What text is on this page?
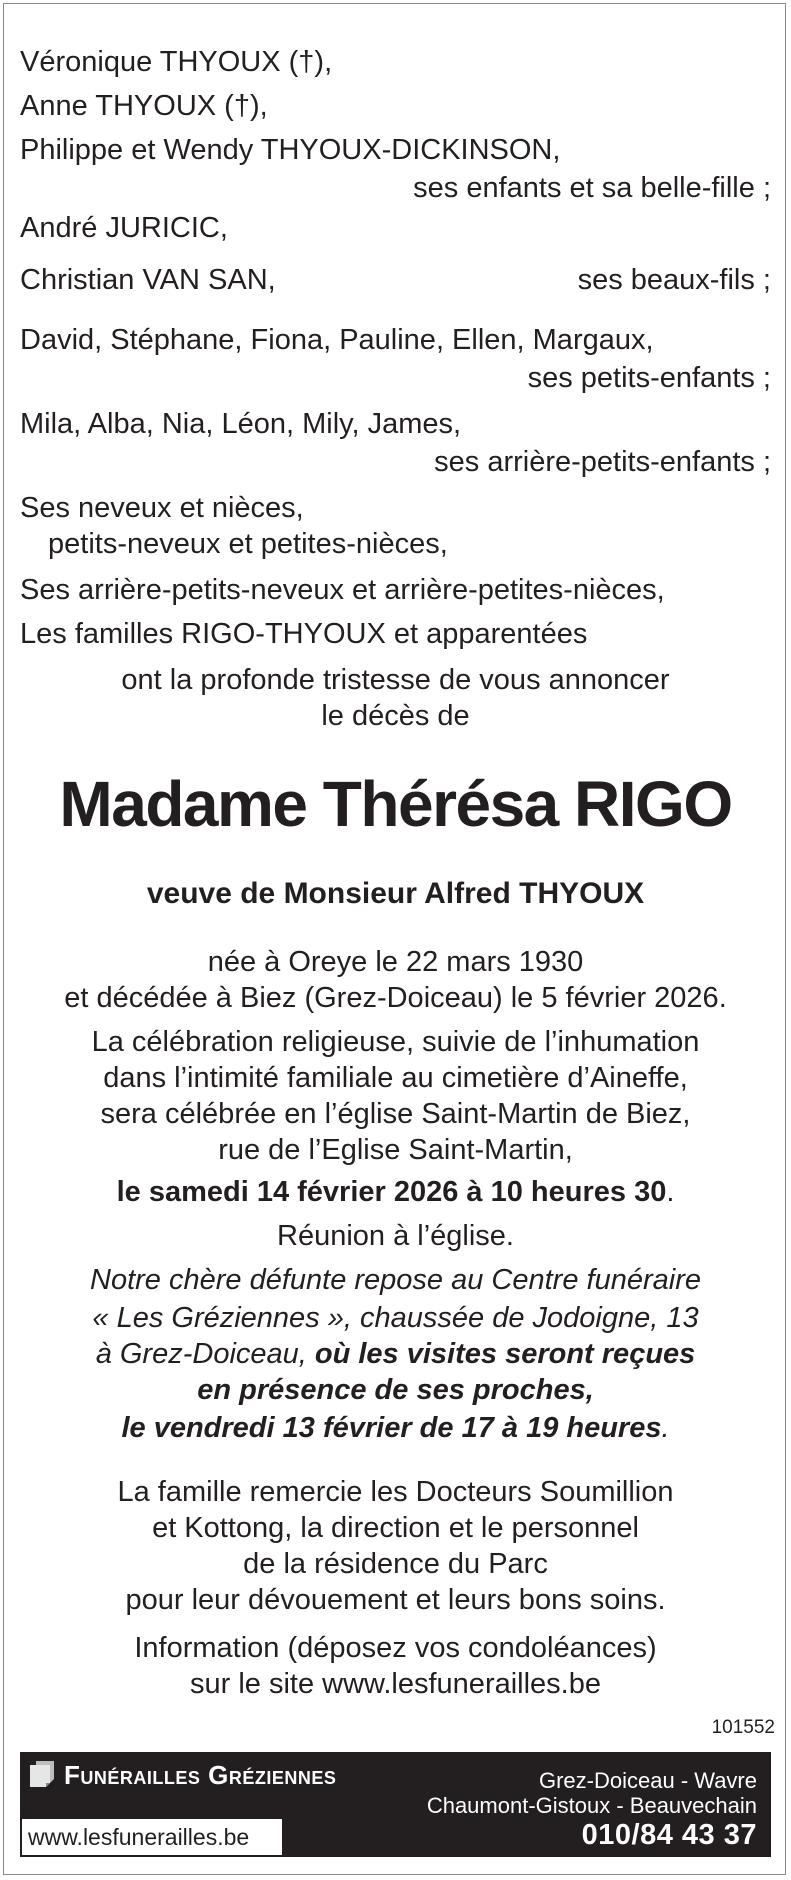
Véronique THYOUX (†),

Anne THYOUX (†),

Philippe et Wendy THYOUX-DICKINSON,

ses enfants et sa belle-fille ;

André JURICIC,

Christian VAN SAN,	ses beaux-fils ;

David, Stéphane, Fiona, Pauline, Ellen, Margaux,

ses petits-enfants ;

Mila, Alba, Nia, Léon, Mily, James,

ses arrière-petits-enfants ;

Ses neveux et nièces,

petits-neveux et petites-nièces,

Ses arrière-petits-neveux et arrière-petites-nièces,

Les familles RIGO-THYOUX et apparentées

ont la profonde tristesse de vous annoncer

le décès de

Madame Thérésa RIGO

veuve de Monsieur Alfred THYOUX

née à Oreye le 22 mars 1930

et décédée à Biez (Grez-Doiceau) le 5 février 2026.

La célébration religieuse, suivie de l’inhumation

dans l’intimité familiale au cimetière d’Aineffe,

sera célébrée en l’église Saint-Martin de Biez,

rue de l’Eglise Saint-Martin,

le samedi 14 février 2026 à 10 heures 30.

Réunion à l’église.

Notre chère défunte repose au Centre funéraire

« Les Gréziennes », chaussée de Jodoigne, 13

à Grez-Doiceau, où les visites seront reçues

en présence de ses proches,

le vendredi 13 février de 17 à 19 heures.

La famille remercie les Docteurs Soumillion

et Kottong, la direction et le personnel

de la résidence du Parc

pour leur dévouement et leurs bons soins.

Information (déposez vos condoléances)

sur le site www.lesfunerailles.be

101552

Funérailles Gréziennes
www.lesfunerailles.be
Grez-Doiceau - Wavre
Chaumont-Gistoux - Beauvechain
010/84 43 37
